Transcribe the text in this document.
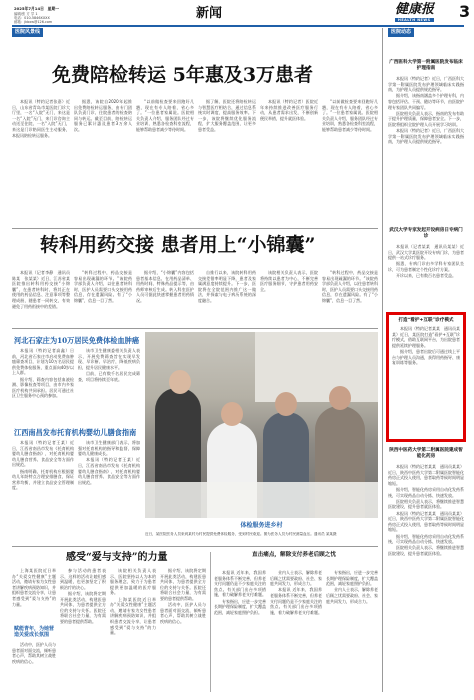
2025年7月14日　星期一
编辑/张 方 学 1
电话：010-5846XXXX
邮箱：jkbxw@126.com
新闻	健康报
HEALTH NEWS 3
医院风景线
免费陪检转运 5年惠及3万患者

本报讯（特约记者张嘉）近日，山东省青岛市某医院门诊大厅里，一名“入院”无门，来这是一名“入院”无门，来门诊咨询主动送至住院、一名“入院”无门，来这是门诊陪同医生主动服务，本报讯陪检转运服务。

据悉，该院自2020年起推出免费陪检转运服务，由专门团队负责门诊、住院患者的检查陪同与转运。截至目前，陪检转运服务已累计惠及患者3万余人次。

“以前做检查要来回跑好几趟，现在有专人陪着，省心多了。”一位患者家属说。医院相关负责人介绍，服务团队经过专业培训，熟悉各检查科室流程，能够帮助患者减少等待时间。

据了解，医院还将陪检转运与智慧医疗相结合，通过信息系统实时调度，提高服务效率。下一步，该院将继续优化服务流程，扩大服务覆盖范围，让更多患者受益。

本报讯（特约记者）医院近年来持续推进改善医疗服务行动，从患者需求出发，不断创新便民举措，提升就医体验。

“以前做检查要来回跑好几趟，现在有专人陪着，省心多了。”一位患者家属说。医院相关负责人介绍，服务团队经过专业培训，熟悉各检查科室流程，能够帮助患者减少等待时间。

转科用药交接 患者用上“小锦囊”

本报讯（记者李静　通讯员陈某　张某某）近日，江苏省某医院推出转科用药交接“小锦囊”，在患者转科时，将其正在使用的药品信息、注意事项等整理成册，随患者一同转交，有效避免了用药衔接中的差错。

“转科过程中，药品交接是容易出现疏漏的环节。”该院药学部负责人介绍，以往患者转科时，医护人员需要口头交接用药信息，存在遗漏风险。有了“小锦囊”，信息一目了然。

据介绍，“小锦囊”内容包括患者基本信息、在用药品清单、用药时间、特殊药品提示等，由药师审核后生成。转入科室医护人员可据此快速掌握患者用药情况。

自推行以来，该院转科用药交接差错率明显下降，患者及家属满意度持续提升。下一步，医院将在全院范围内推广这一做法，并探索与电子病历系统的深度融合。

该院相关负责人表示，医院将持续以患者为中心，不断完善医疗服务细节，守护患者用药安全。

“转科过程中，药品交接是容易出现疏漏的环节。”该院药学部负责人介绍，以往患者转科时，医护人员需要口头交接用药信息，存在遗漏风险。有了“小锦囊”，信息一目了然。

河北石家庄为10万居民免费体检血肿癌

本报讯（特约记者高鑫）日前，河北省石家庄市启动免费血肿癌筛查项目，计划为10万名居民提供免费体检服务，重点面向40岁以上人群。

据介绍，筛查内容包括血液检测、影像检查等项目，由市内多家医疗机构共同承担。居民可通过社区卫生服务中心预约参加。

该市卫生健康委相关负责人表示，开展免费筛查旨在实现早发现、早诊断、早治疗，降低疾病负担，提升居民健康水平。

目前，已有数千名居民完成筛查，项目将持续至年底。

江西南昌发布托育机构婴幼儿膳食指南

本报讯（特约记者王某）近日，江西省南昌市发布《托育机构婴幼儿膳食指南》，对托育机构婴幼儿膳食营养、食品安全等方面作出规范。

指南明确，托育机构应根据婴幼儿年龄特点合理安排膳食，保证营养均衡，并建立食品安全管理制度。

该市卫生健康部门表示，将加强对托育机构的指导和监督，保障婴幼儿健康成长。

本报讯（特约记者王某）近日，江西省南昌市发布《托育机构婴幼儿膳食指南》，对托育机构婴幼儿膳食营养、食品安全等方面作出规范。

体检服务进乡村
近日，某医院医务人员来到某村为村民提供免费体检服务，受到村民欢迎。图为医务人员为村民测量血压。通讯员 某某摄
感受“爱与支持”的力量

上海某医院近日举办“关爱女性健康”主题活动，邀请专家为女性患者讲解疾病预防知识，并组织患者交流分享，让患者感受到“爱与支持”的力量。

赋能青年，为她营造关爱成长氛围

活动中，医护人员与患者面对面交流，倾听患者心声，帮助其树立战胜疾病的信心。

参与活动的患者表示，这样的活动让她们感到温暖，也更加坚定了积极治疗的决心。

据介绍，该院将定期开展此类活动，构建医患共同体，为患者提供全方位的支持与关怀。医院还将联合社会力量，为有需要的患者提供帮助。

该院相关负责人表示，医院坚持以人为本的服务理念，致力于为患者提供更加温暖的医疗服务。

上海某医院近日举办“关爱女性健康”主题活动，邀请专家为女性患者讲解疾病预防知识，并组织患者交流分享，让患者感受到“爱与支持”的力量。

据介绍，该院将定期开展此类活动，构建医患共同体，为患者提供全方位的支持与关怀。医院还将联合社会力量，为有需要的患者提供帮助。

活动中，医护人员与患者面对面交流，倾听患者心声，帮助其树立战胜疾病的信心。

直击痛点，解除支付养老后顾之忧

本报讯 近年来，我国养老服务体系不断完善，但养老支付问题仍是不少家庭关注的焦点。有关部门出台多项措施，着力破解养老支付难题。

专家指出，应进一步完善长期护理保险制度，扩大覆盖范围，减轻家庭照护负担。

业内人士表示，解除养老后顾之忧需要政府、社会、家庭共同发力，形成合力。

本报讯 近年来，我国养老服务体系不断完善，但养老支付问题仍是不少家庭关注的焦点。有关部门出台多项措施，着力破解养老支付难题。

专家指出，应进一步完善长期护理保险制度，扩大覆盖范围，减轻家庭照护负担。

业内人士表示，解除养老后顾之忧需要政府、社会、家庭共同发力，形成合力。

医院动态
广西医科大学第一附属医院发布临床护理指南

本报讯（特约记者）近日，广西医科大学第一附属医院发布护理领域临床实践指南，为护理人员提供规范指导。

据介绍，该指南涵盖多个护理专科，内容包括评估、干预、随访等环节，由医院护理专家团队共同编写。

医院相关负责人表示，指南的发布有助于提升护理质量，保障患者安全。下一步，医院将组织全院护理人员开展学习培训。

本报讯（特约记者）近日，广西医科大学第一附属医院发布护理领域临床实践指南，为护理人员提供规范指导。

武汉大学专家发起开设病房日专病门诊

本报讯（记者某某　通讯员某某）近日，武汉大学某医院开设专病门诊，为患者提供一站式诊疗服务。

据悉，专病门诊由多学科专家团队坐诊，可为患者制定个性化诊疗方案。

开诊以来，已有数百名患者受益。

打造“看护+互联”诊疗模式

本报讯（特约记者某某　通讯员某某）近日，某医院打造“看护+互联”诊疗模式，借助互联网平台，为出院患者提供延续护理服务。

据介绍，患者出院后可通过线上平台与护理人员沟通，获得用药指导、康复训练等服务。

陕西中医药大学第二附属医院建成智能化药房

本报讯（特约记者某某　通讯员某某）近日，陕西中医药大学第二附属医院智能化药房正式投入使用，患者取药等候时间明显缩短。

据介绍，智能化药房采用自动化发药系统，可实现药品自动分拣、快速发放。

医院相关负责人表示，将继续推进智慧医院建设，提升患者就医体验。

本报讯（特约记者某某　通讯员某某）近日，陕西中医药大学第二附属医院智能化药房正式投入使用，患者取药等候时间明显缩短。

据介绍，智能化药房采用自动化发药系统，可实现药品自动分拣、快速发放。

医院相关负责人表示，将继续推进智慧医院建设，提升患者就医体验。
